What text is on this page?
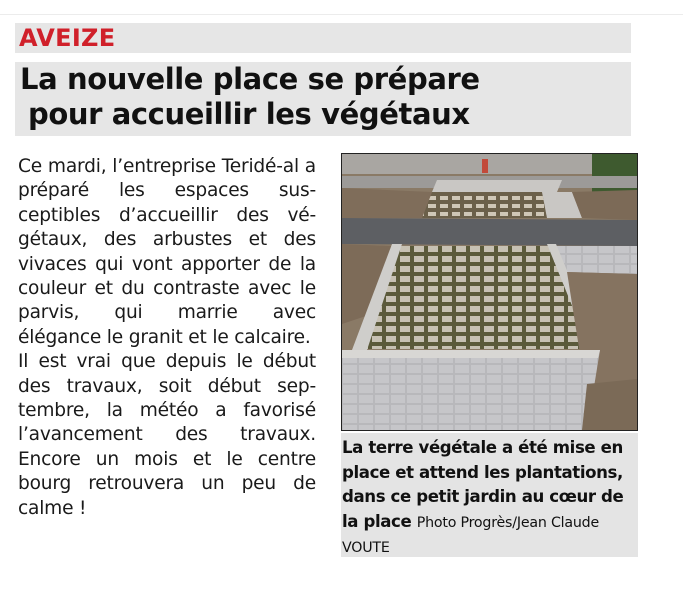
AVEIZE
La nouvelle place se prépare

pour accueillir les végétaux

Ce mardi, l’entreprise Teridé-al a préparé les espaces sus-ceptibles d’accueillir des vé-gétaux, des arbustes et des vivaces qui vont apporter de la couleur et du contraste avec le parvis, qui marrie avec élégance le granit et le calcaire.

Il est vrai que depuis le début des travaux, soit début sep-tembre, la météo a favorisé l’avancement des travaux. Encore un mois et le centre bourg retrouvera un peu de calme !

La terre végétale a été mise en place et attend les plantations, dans ce petit jardin au cœur de la place Photo Progrès/Jean Claude VOUTE
